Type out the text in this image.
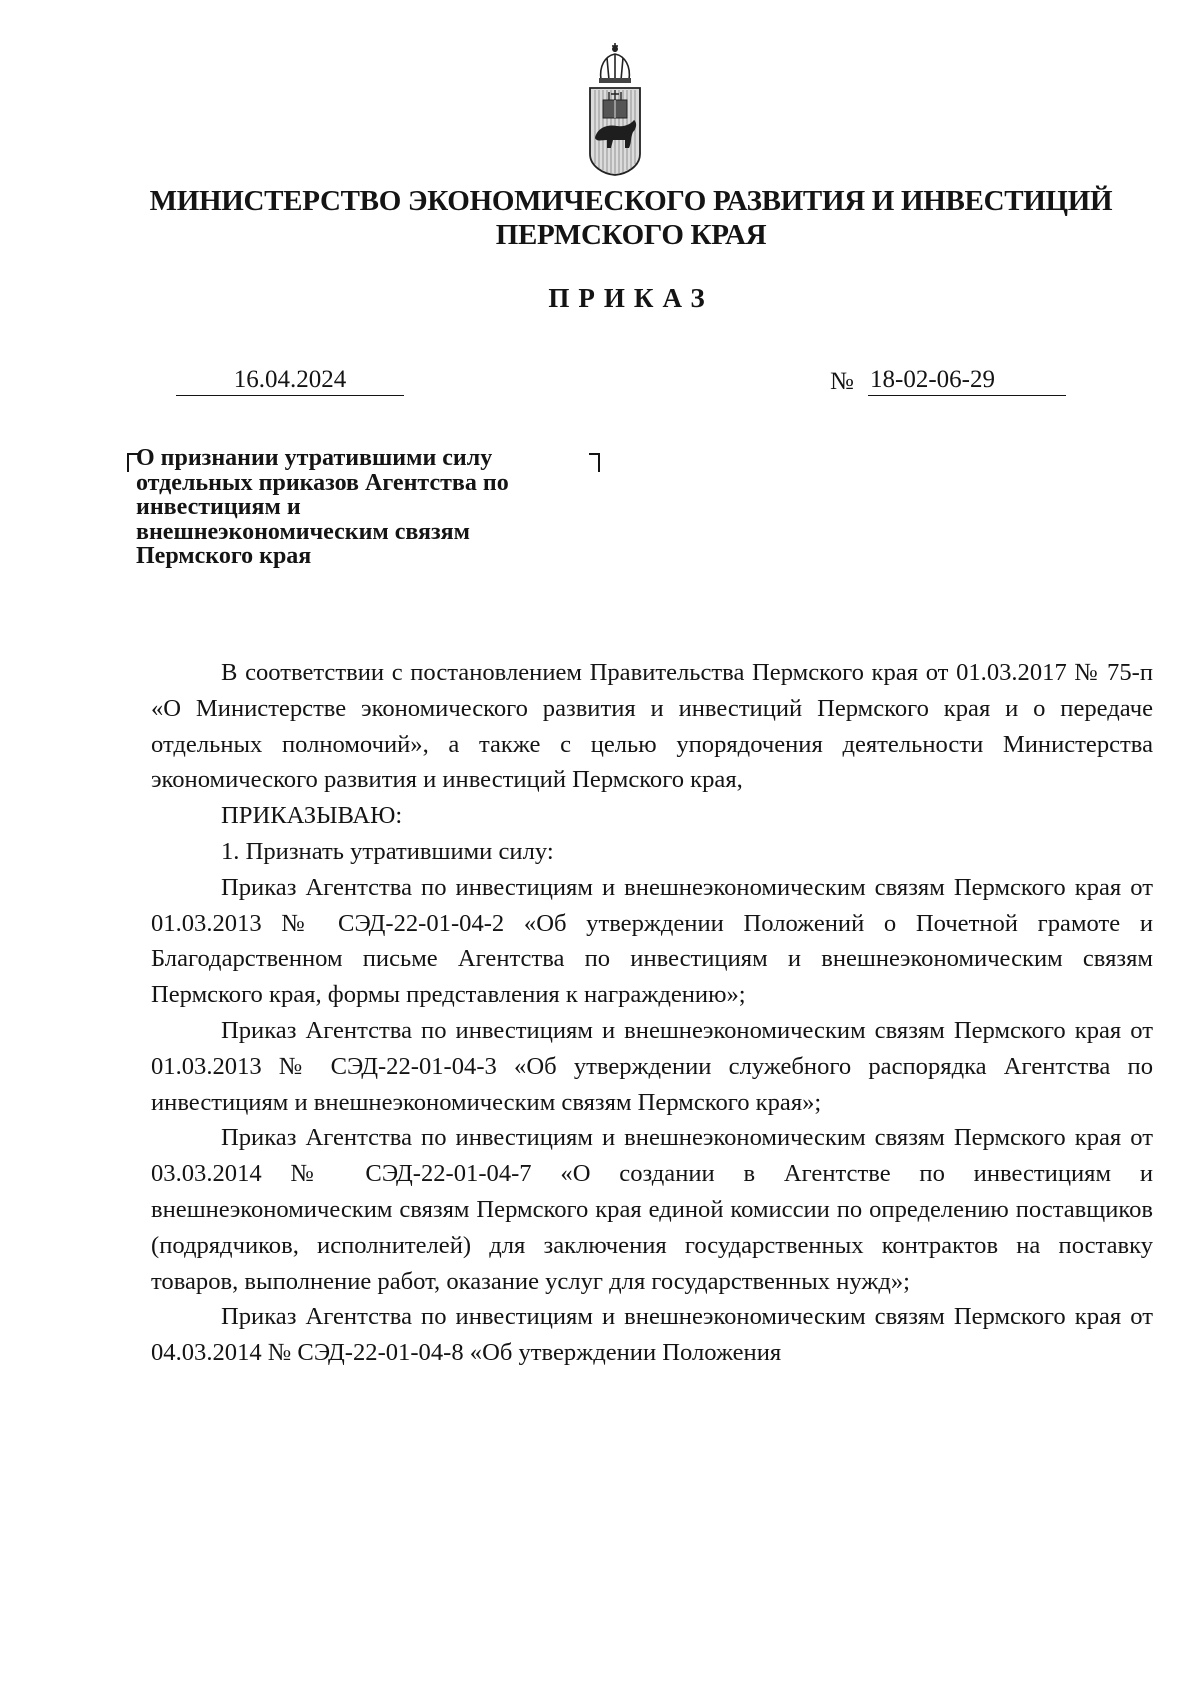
МИНИСТЕРСТВО ЭКОНОМИЧЕСКОГО РАЗВИТИЯ И ИНВЕСТИЦИЙ
ПЕРМСКОГО КРАЯ
ПРИКАЗ
16.04.2024	№ 18-02-06-29
О признании утратившими силу
отдельных приказов Агентства по
инвестициям и
внешнеэкономическим связям
Пермского края

В соответствии с постановлением Правительства Пермского края от 01.03.2017 № 75-п «О Министерстве экономического развития и инвестиций Пермского края и о передаче отдельных полномочий», а также с целью упорядочения деятельности Министерства экономического развития и инвестиций Пермского края,

ПРИКАЗЫВАЮ:

1. Признать утратившими силу:

Приказ Агентства по инвестициям и внешнеэкономическим связям Пермского края от 01.03.2013 № СЭД-22-01-04-2 «Об утверждении Положений о Почетной грамоте и Благодарственном письме Агентства по инвестициям и внешнеэкономическим связям Пермского края, формы представления к награждению»;

Приказ Агентства по инвестициям и внешнеэкономическим связям Пермского края от 01.03.2013 № СЭД-22-01-04-3 «Об утверждении служебного распорядка Агентства по инвестициям и внешнеэкономическим связям Пермского края»;

Приказ Агентства по инвестициям и внешнеэкономическим связям Пермского края от 03.03.2014 № СЭД-22-01-04-7 «О создании в Агентстве по инвестициям и внешнеэкономическим связям Пермского края единой комиссии по определению поставщиков (подрядчиков, исполнителей) для заключения государственных контрактов на поставку товаров, выполнение работ, оказание услуг для государственных нужд»;

Приказ Агентства по инвестициям и внешнеэкономическим связям Пермского края от 04.03.2014 № СЭД-22-01-04-8 «Об утверждении Положения
